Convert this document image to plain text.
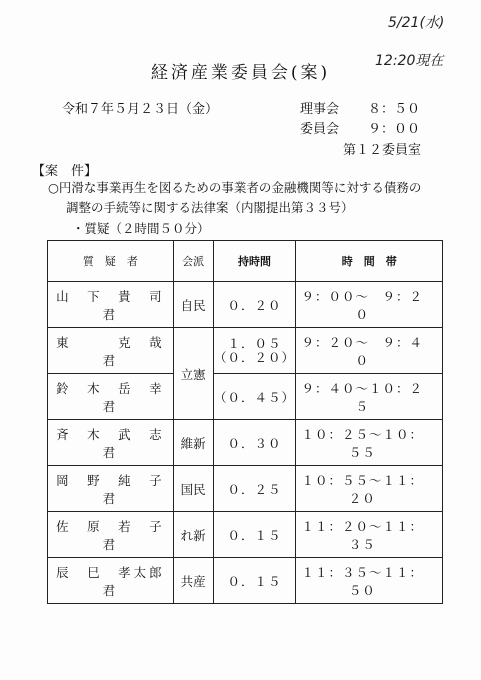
5/21(水)
12:20現在
経済産業委員会(案)
令和７年５月２３日（金）	理事会 ８：５０
委員会 ９：００
第１２委員室
【案　件】
○円滑な事業再生を図るための事業者の金融機関等に対する債務の
調整の手続等に関する法律案（内閣提出第３３号）
・質疑（２時間５０分）
質　疑　者	会派	持時間	時　間　帯
山　下　貴　司　君	自民	０．２０	９：００～　９：２０
東　　　克　哉　君	立憲	１．０５
（０．２０）	９：２０～　９：４０
鈴　木　岳　幸　君		（０．４５）	９：４０～１０：２５
斉　木　武　志　君	維新	０．３０	１０：２５～１０：５５
岡　野　純　子　君	国民	０．２５	１０：５５～１１：２０
佐　原　若　子　君	れ新	０．１５	１１：２０～１１：３５
辰　巳　孝太郎　君	共産	０．１５	１１：３５～１１：５０
